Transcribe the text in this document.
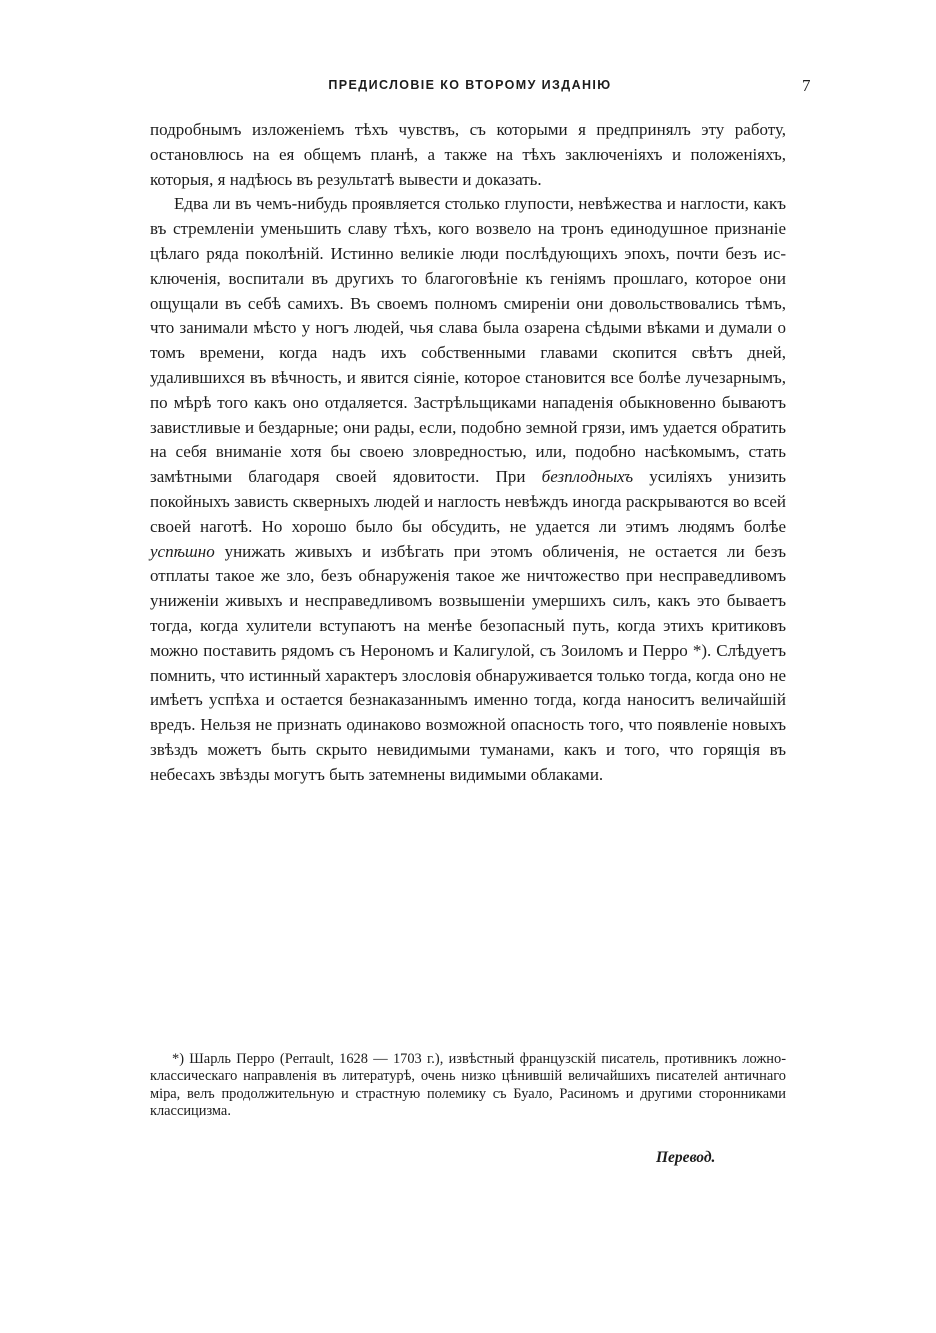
ПРЕДИСЛОВІЕ КО ВТОРОМУ ИЗДАНІЮ	7

подробнымъ изложеніемъ тѣхъ чувствъ, съ которыми я предпринялъ эту работу, остановлюсь на ея общемъ планѣ, а также на тѣхъ заключеніяхъ и положеніяхъ, которыя, я надѣюсь въ результатѣ вывести и доказать.

Едва ли въ чемъ-нибудь проявляется столько глупости, невѣжества и наглости, какъ въ стремленіи уменьшить славу тѣхъ, кого возвело на тронъ единодушное признаніе цѣлаго ряда поколѣній. Истинно великіе люди послѣдующихъ эпохъ, почти безъ исключенія, воспитали въ другихъ то благоговѣніе къ геніямъ прошлаго, которое они ощущали въ себѣ самихъ. Въ своемъ полномъ смиреніи они довольствовались тѣмъ, что занимали мѣсто у ногъ людей, чья слава была озарена сѣдыми вѣками и думали о томъ времени, когда надъ ихъ собственными главами скопится свѣтъ дней, удалившихся въ вѣчность, и явится сіяніе, которое становится все болѣе лучезарнымъ, по мѣрѣ того какъ оно отдаляется. Застрѣльщиками нападенія обыкновенно бываютъ завистливые и бездарные; они рады, если, подобно земной грязи, имъ удается обратить на себя вниманіе хотя бы своею зловредностью, или, подобно насѣкомымъ, стать замѣтными благодаря своей ядовитости. При безплодныхъ усиліяхъ унизить покойныхъ зависть скверныхъ людей и наглость невѣждъ иногда раскрываются во всей своей наготѣ. Но хорошо было бы обсудить, не удается ли этимъ людямъ болѣе успѣшно унижать живыхъ и избѣгать при этомъ обличенія, не остается ли безъ отплаты такое же зло, безъ обнаруженія такое же ничтожество при несправедливомъ униженіи живыхъ и несправедливомъ возвышеніи умершихъ силъ, какъ это бываетъ тогда, когда хулители вступаютъ на менѣе безопасный путь, когда этихъ критиковъ можно поставить рядомъ съ Нерономъ и Калигулой, съ Зоиломъ и Перро *). Слѣдуетъ помнить, что истинный характеръ злословія обнаруживается только тогда, когда оно не имѣетъ успѣха и остается безнаказаннымъ именно тогда, когда наноситъ величайшій вредъ. Нельзя не признать одинаково возможной опасность того, что появленіе новыхъ звѣздъ можетъ быть скрыто невидимыми туманами, какъ и того, что горящія въ небесахъ звѣзды могутъ быть затемнены видимыми облаками.

*) Шарль Перро (Perrault, 1628 — 1703 г.), извѣстный французскій писатель, противникъ ложно-классическаго направленія въ литературѣ, очень низко цѣнившій величайшихъ писателей античнаго міра, велъ продолжительную и страстную полемику съ Буало, Расиномъ и другими сторонниками классицизма.

Перевод.
